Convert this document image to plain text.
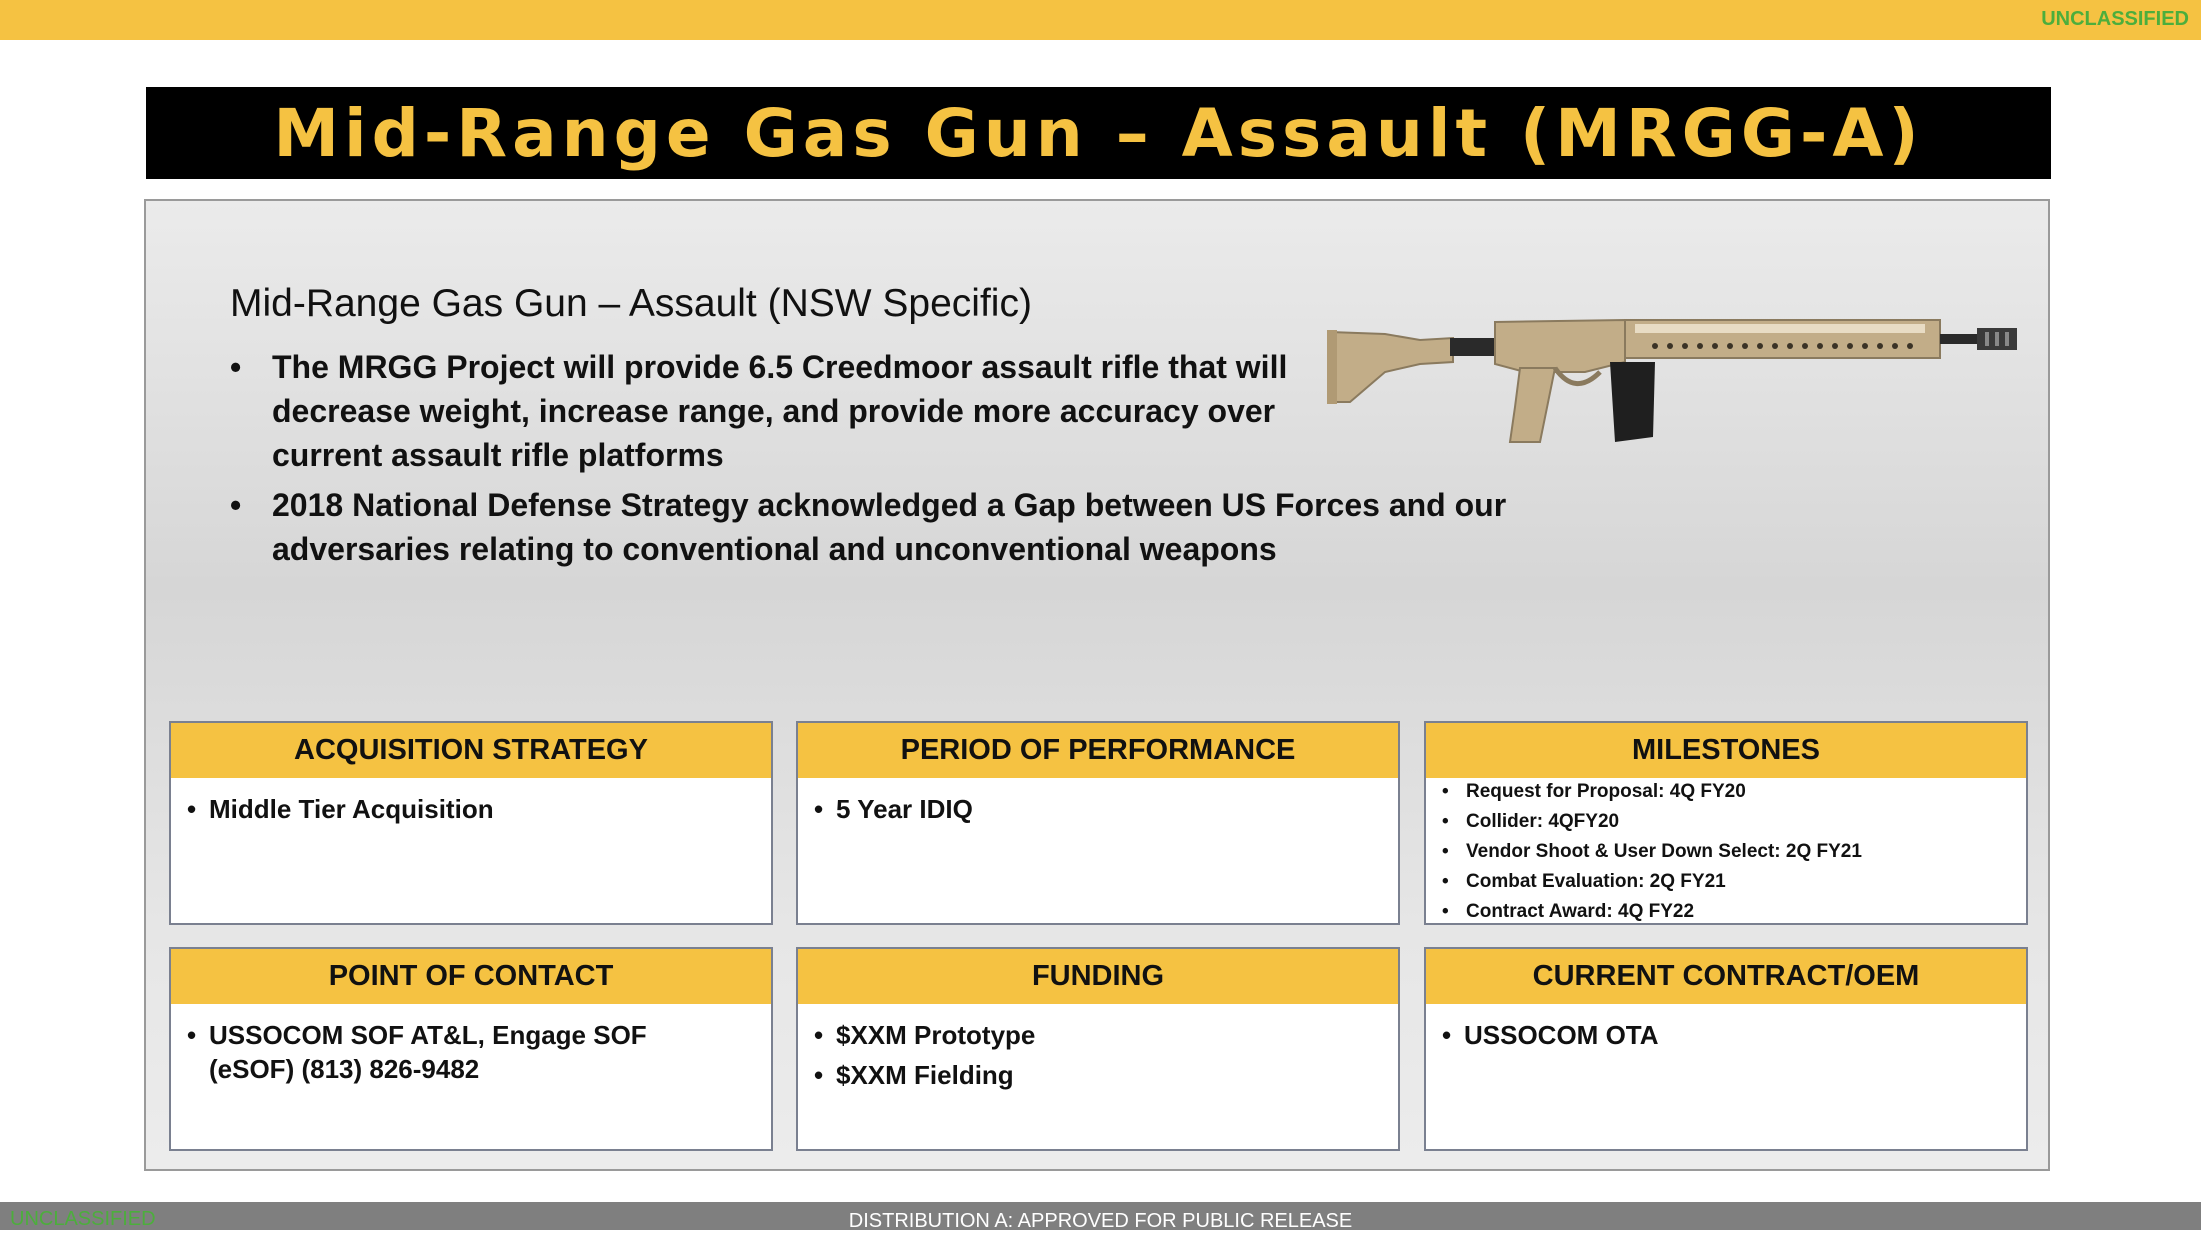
UNCLASSIFIED
Mid-Range Gas Gun – Assault (MRGG-A)
Mid-Range Gas Gun – Assault (NSW Specific)
• The MRGG Project will provide 6.5 Creedmoor assault rifle that will decrease weight, increase range, and provide more accuracy over current assault rifle platforms
• 2018 National Defense Strategy acknowledged a Gap between US Forces and our adversaries relating to conventional and unconventional weapons
ACQUISITION STRATEGY
• Middle Tier Acquisition
PERIOD OF PERFORMANCE
• 5 Year IDIQ
MILESTONES
• Request for Proposal: 4Q FY20
• Collider: 4QFY20
• Vendor Shoot & User Down Select: 2Q FY21
• Combat Evaluation: 2Q FY21
• Contract Award: 4Q FY22
POINT OF CONTACT
• USSOCOM SOF AT&L, Engage SOF (eSOF) (813) 826-9482
FUNDING
• $XXM Prototype
• $XXM Fielding
CURRENT CONTRACT/OEM
• USSOCOM OTA
UNCLASSIFIED	DISTRIBUTION A: APPROVED FOR PUBLIC RELEASE
